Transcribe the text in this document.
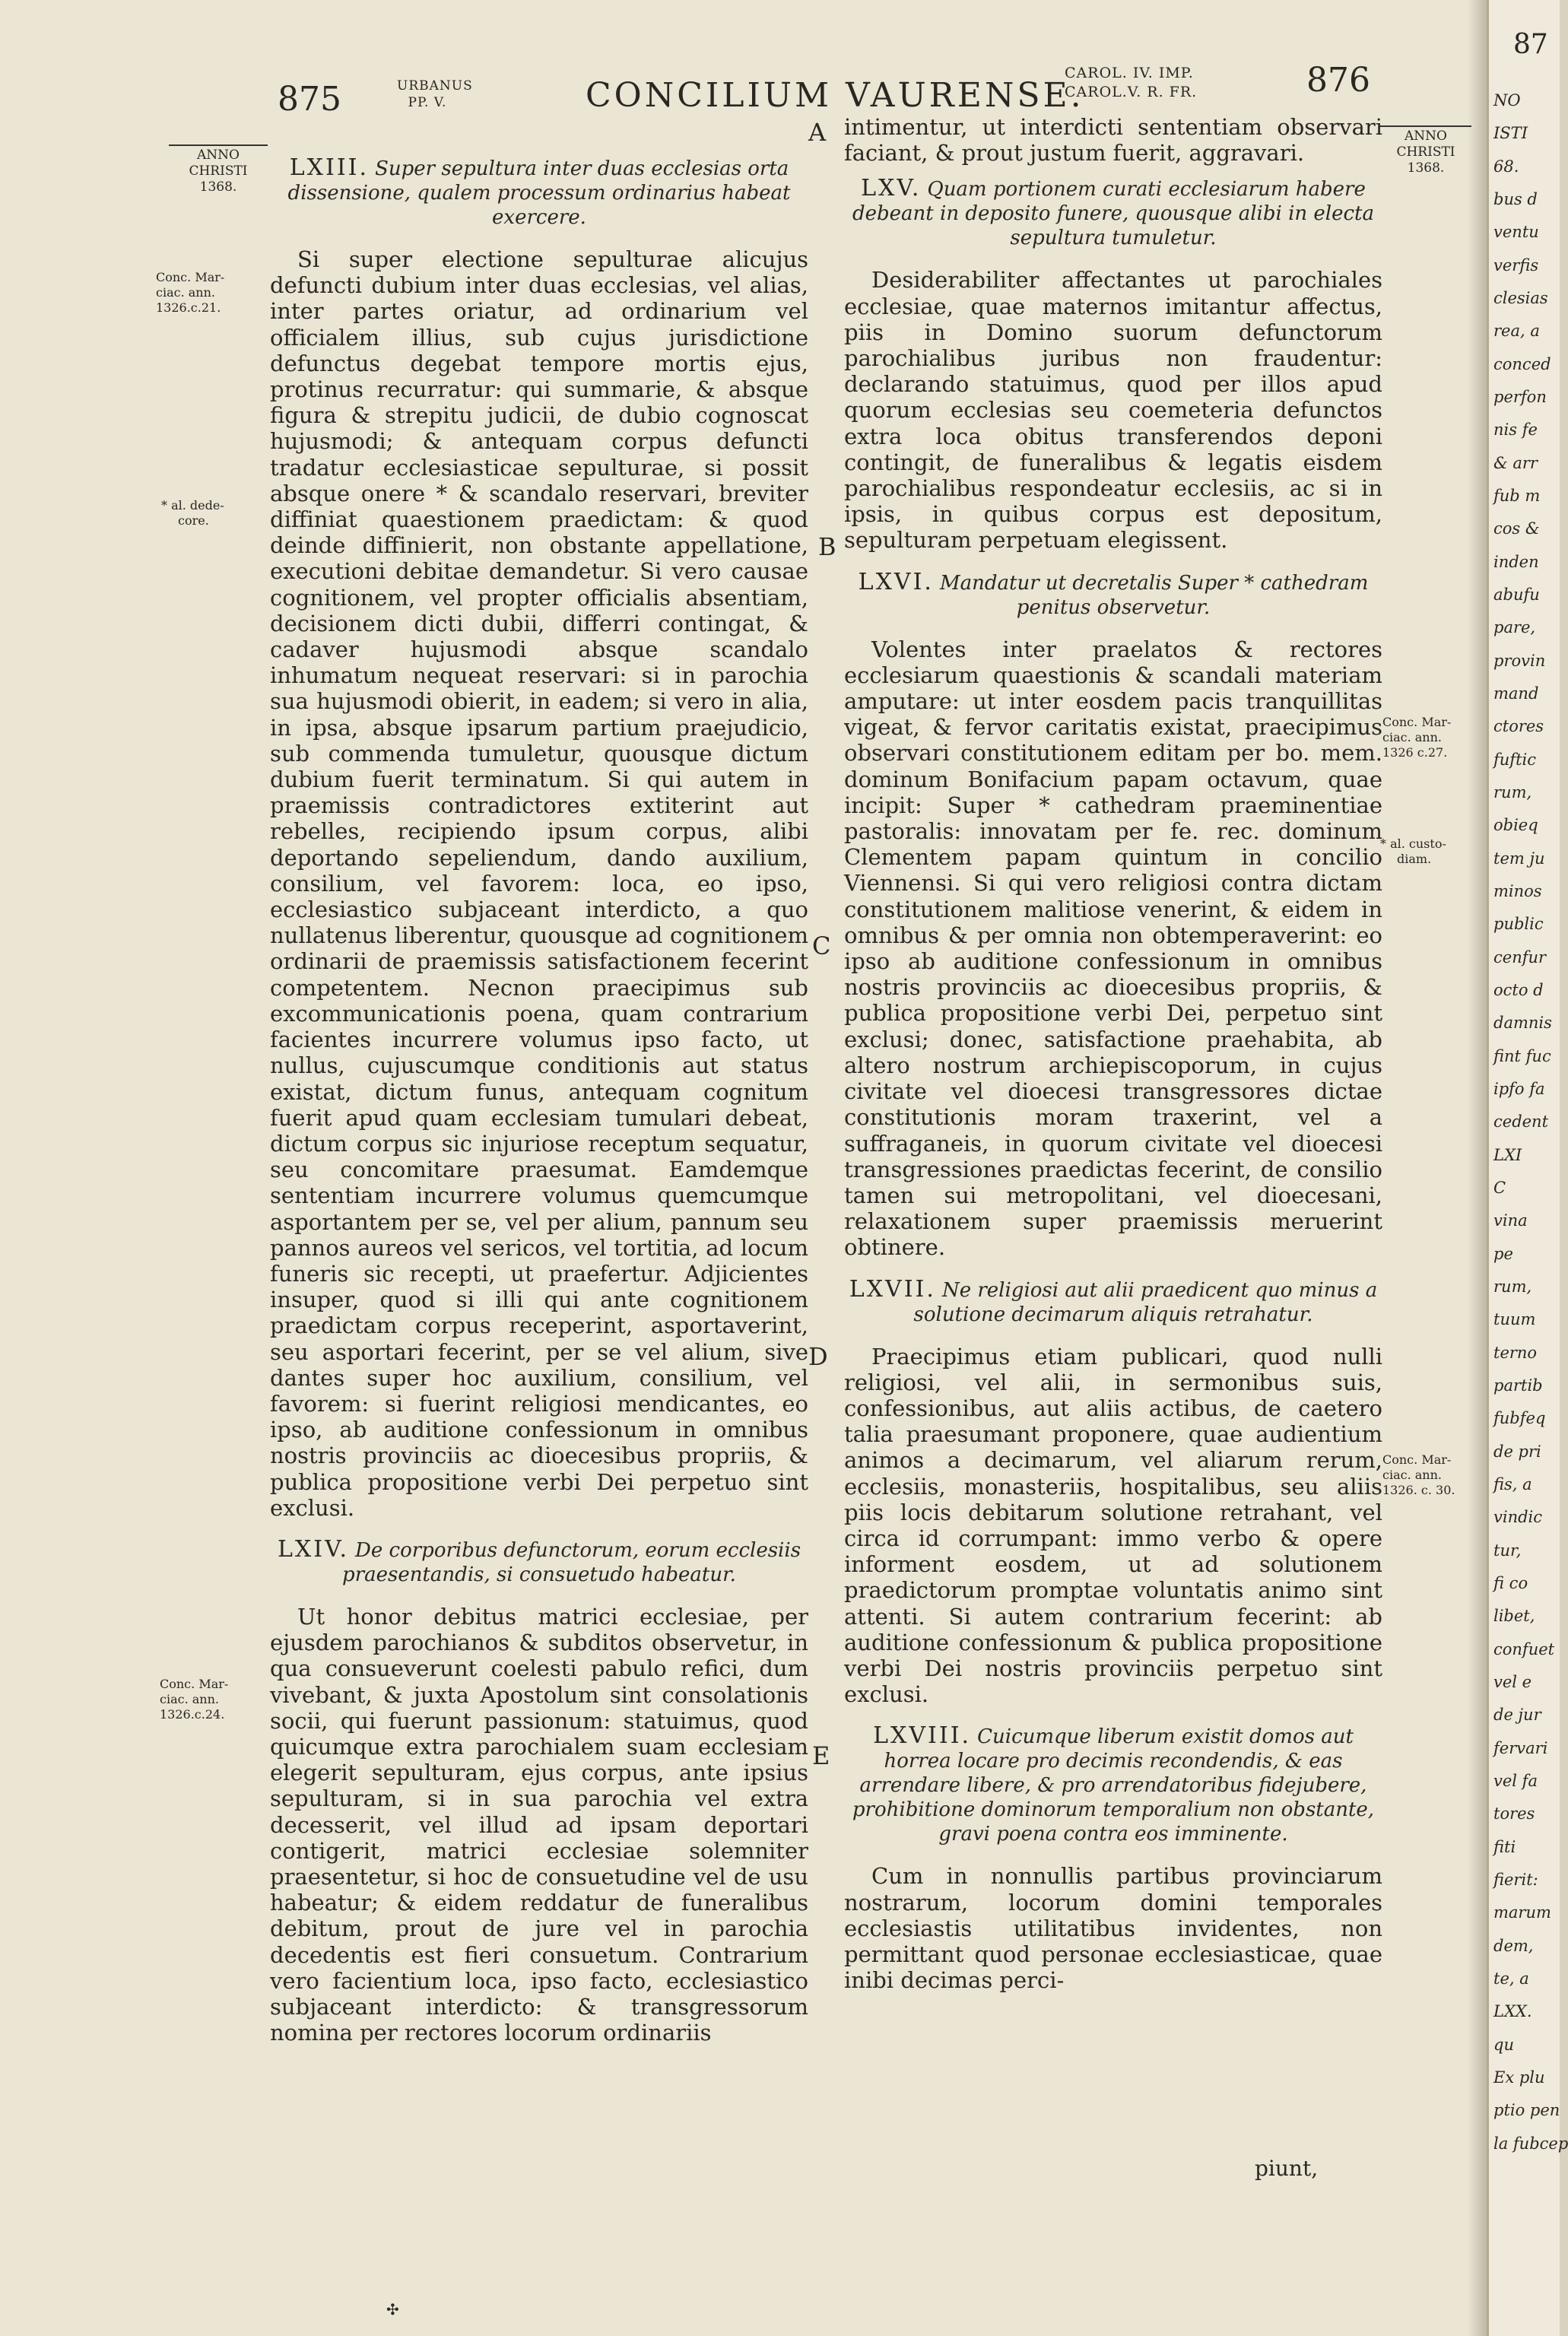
875	URBANUS
PP. V.	CONCILIUM VAURENSE.
CAROL. IV. IMP.
CAROL.V. R. FR.	876
ANNO
CHRISTI
1368.
Conc. Mar-
ciac. ann.
1326.c.21.
* al. dede-
core.
Conc. Mar-
ciac. ann.
1326.c.24.
A
B
C
D
E
ANNO
CHRISTI
1368.
Conc. Mar-
ciac. ann.
1326 c.27.
* al. custo-
diam.
Conc. Mar-
ciac. ann.
1326. c. 30.

LXIII. Super sepultura inter duas ecclesias orta dissensione, qualem processum ordinarius habeat exercere.

Si super electione sepulturae alicujus defuncti dubium inter duas ecclesias, vel alias, inter partes oriatur, ad ordinarium vel officialem illius, sub cujus jurisdictione defunctus degebat tempore mortis ejus, protinus recurratur: qui summarie, & absque figura & strepitu judicii, de dubio cognoscat hujusmodi; & antequam corpus defuncti tradatur ecclesiasticae sepulturae, si possit absque onere * & scandalo reservari, breviter diffiniat quaestionem praedictam: & quod deinde diffinierit, non obstante appellatione, executioni debitae demandetur. Si vero causae cognitionem, vel propter officialis absentiam, decisionem dicti dubii, differri contingat, & cadaver hujusmodi absque scandalo inhumatum nequeat reservari: si in parochia sua hujusmodi obierit, in eadem; si vero in alia, in ipsa, absque ipsarum partium praejudicio, sub commenda tumuletur, quousque dictum dubium fuerit terminatum. Si qui autem in praemissis contradictores extiterint aut rebelles, recipiendo ipsum corpus, alibi deportando sepeliendum, dando auxilium, consilium, vel favorem: loca, eo ipso, ecclesiastico subjaceant interdicto, a quo nullatenus liberentur, quousque ad cognitionem ordinarii de praemissis satisfactionem fecerint competentem. Necnon praecipimus sub excommunicationis poena, quam contrarium facientes incurrere volumus ipso facto, ut nullus, cujuscumque conditionis aut status existat, dictum funus, antequam cognitum fuerit apud quam ecclesiam tumulari debeat, dictum corpus sic injuriose receptum sequatur, seu concomitare praesumat. Eamdemque sententiam incurrere volumus quemcumque asportantem per se, vel per alium, pannum seu pannos aureos vel sericos, vel tortitia, ad locum funeris sic recepti, ut praefertur. Adjicientes insuper, quod si illi qui ante cognitionem praedictam corpus receperint, asportaverint, seu asportari fecerint, per se vel alium, sive dantes super hoc auxilium, consilium, vel favorem: si fuerint religiosi mendicantes, eo ipso, ab auditione confessionum in omnibus nostris provinciis ac dioecesibus propriis, & publica propositione verbi Dei perpetuo sint exclusi.

LXIV. De corporibus defunctorum, eorum ecclesiis praesentandis, si consuetudo habeatur.

Ut honor debitus matrici ecclesiae, per ejusdem parochianos & subditos observetur, in qua consueverunt coelesti pabulo refici, dum vivebant, & juxta Apostolum sint consolationis socii, qui fuerunt passionum: statuimus, quod quicumque extra parochialem suam ecclesiam elegerit sepulturam, ejus corpus, ante ipsius sepulturam, si in sua parochia vel extra decesserit, vel illud ad ipsam deportari contigerit, matrici ecclesiae solemniter praesentetur, si hoc de consuetudine vel de usu habeatur; & eidem reddatur de funeralibus debitum, prout de jure vel in parochia decedentis est fieri consuetum. Contrarium vero facientium loca, ipso facto, ecclesiastico subjaceant interdicto: & transgressorum nomina per rectores locorum ordinariis

intimentur, ut interdicti sententiam observari faciant, & prout justum fuerit, aggravari.

LXV. Quam portionem curati ecclesiarum habere debeant in deposito funere, quousque alibi in electa sepultura tumuletur.

Desiderabiliter affectantes ut parochiales ecclesiae, quae maternos imitantur affectus, piis in Domino suorum defunctorum parochialibus juribus non fraudentur: declarando statuimus, quod per illos apud quorum ecclesias seu coemeteria defunctos extra loca obitus transferendos deponi contingit, de funeralibus & legatis eisdem parochialibus respondeatur ecclesiis, ac si in ipsis, in quibus corpus est depositum, sepulturam perpetuam elegissent.

LXVI. Mandatur ut decretalis Super * cathedram penitus observetur.

Volentes inter praelatos & rectores ecclesiarum quaestionis & scandali materiam amputare: ut inter eosdem pacis tranquillitas vigeat, & fervor caritatis existat, praecipimus observari constitutionem editam per bo. mem. dominum Bonifacium papam octavum, quae incipit: Super * cathedram praeminentiae pastoralis: innovatam per fe. rec. dominum Clementem papam quintum in concilio Viennensi. Si qui vero religiosi contra dictam constitutionem malitiose venerint, & eidem in omnibus & per omnia non obtemperaverint: eo ipso ab auditione confessionum in omnibus nostris provinciis ac dioecesibus propriis, & publica propositione verbi Dei, perpetuo sint exclusi; donec, satisfactione praehabita, ab altero nostrum archiepiscoporum, in cujus civitate vel dioecesi transgressores dictae constitutionis moram traxerint, vel a suffraganeis, in quorum civitate vel dioecesi transgressiones praedictas fecerint, de consilio tamen sui metropolitani, vel dioecesani, relaxationem super praemissis meruerint obtinere.

LXVII. Ne religiosi aut alii praedicent quo minus a solutione decimarum aliquis retrahatur.

Praecipimus etiam publicari, quod nulli religiosi, vel alii, in sermonibus suis, confessionibus, aut aliis actibus, de caetero talia praesumant proponere, quae audientium animos a decimarum, vel aliarum rerum, ecclesiis, monasteriis, hospitalibus, seu aliis piis locis debitarum solutione retrahant, vel circa id corrumpant: immo verbo & opere informent eosdem, ut ad solutionem praedictorum promptae voluntatis animo sint attenti. Si autem contrarium fecerint: ab auditione confessionum & publica propositione verbi Dei nostris provinciis perpetuo sint exclusi.

LXVIII. Cuicumque liberum existit domos aut horrea locare pro decimis recondendis, & eas arrendare libere, & pro arrendatoribus fidejubere, prohibitione dominorum temporalium non obstante, gravi poena contra eos imminente.

Cum in nonnullis partibus provinciarum nostrarum, locorum domini temporales ecclesiastis utilitatibus invidentes, non permittant quod personae ecclesiasticae, quae inibi decimas perci-

piunt,
✣
87
NO
ISTI
68.
bus d
ventu
verfis
clesias
rea, a
conced
perfon
nis fe
& arr
fub m
cos &
inden
abufu
pare,
provin
mand
ctores
fuftic
rum,
obieq
tem ju
minos
public
cenfur
octo d
damnis
fint fuc
ipfo fa
cedent
LXI
C
vina
pe
rum,
tuum
terno
partib
fubfeq
de pri
fis, a
vindic
tur,
fi co
libet,
confuet
vel e
de jur
fervari
vel fa
tores
fiti
fierit:
marum
dem,
te, a
LXX.
qu
Ex plu
ptio pen
la fubcep
